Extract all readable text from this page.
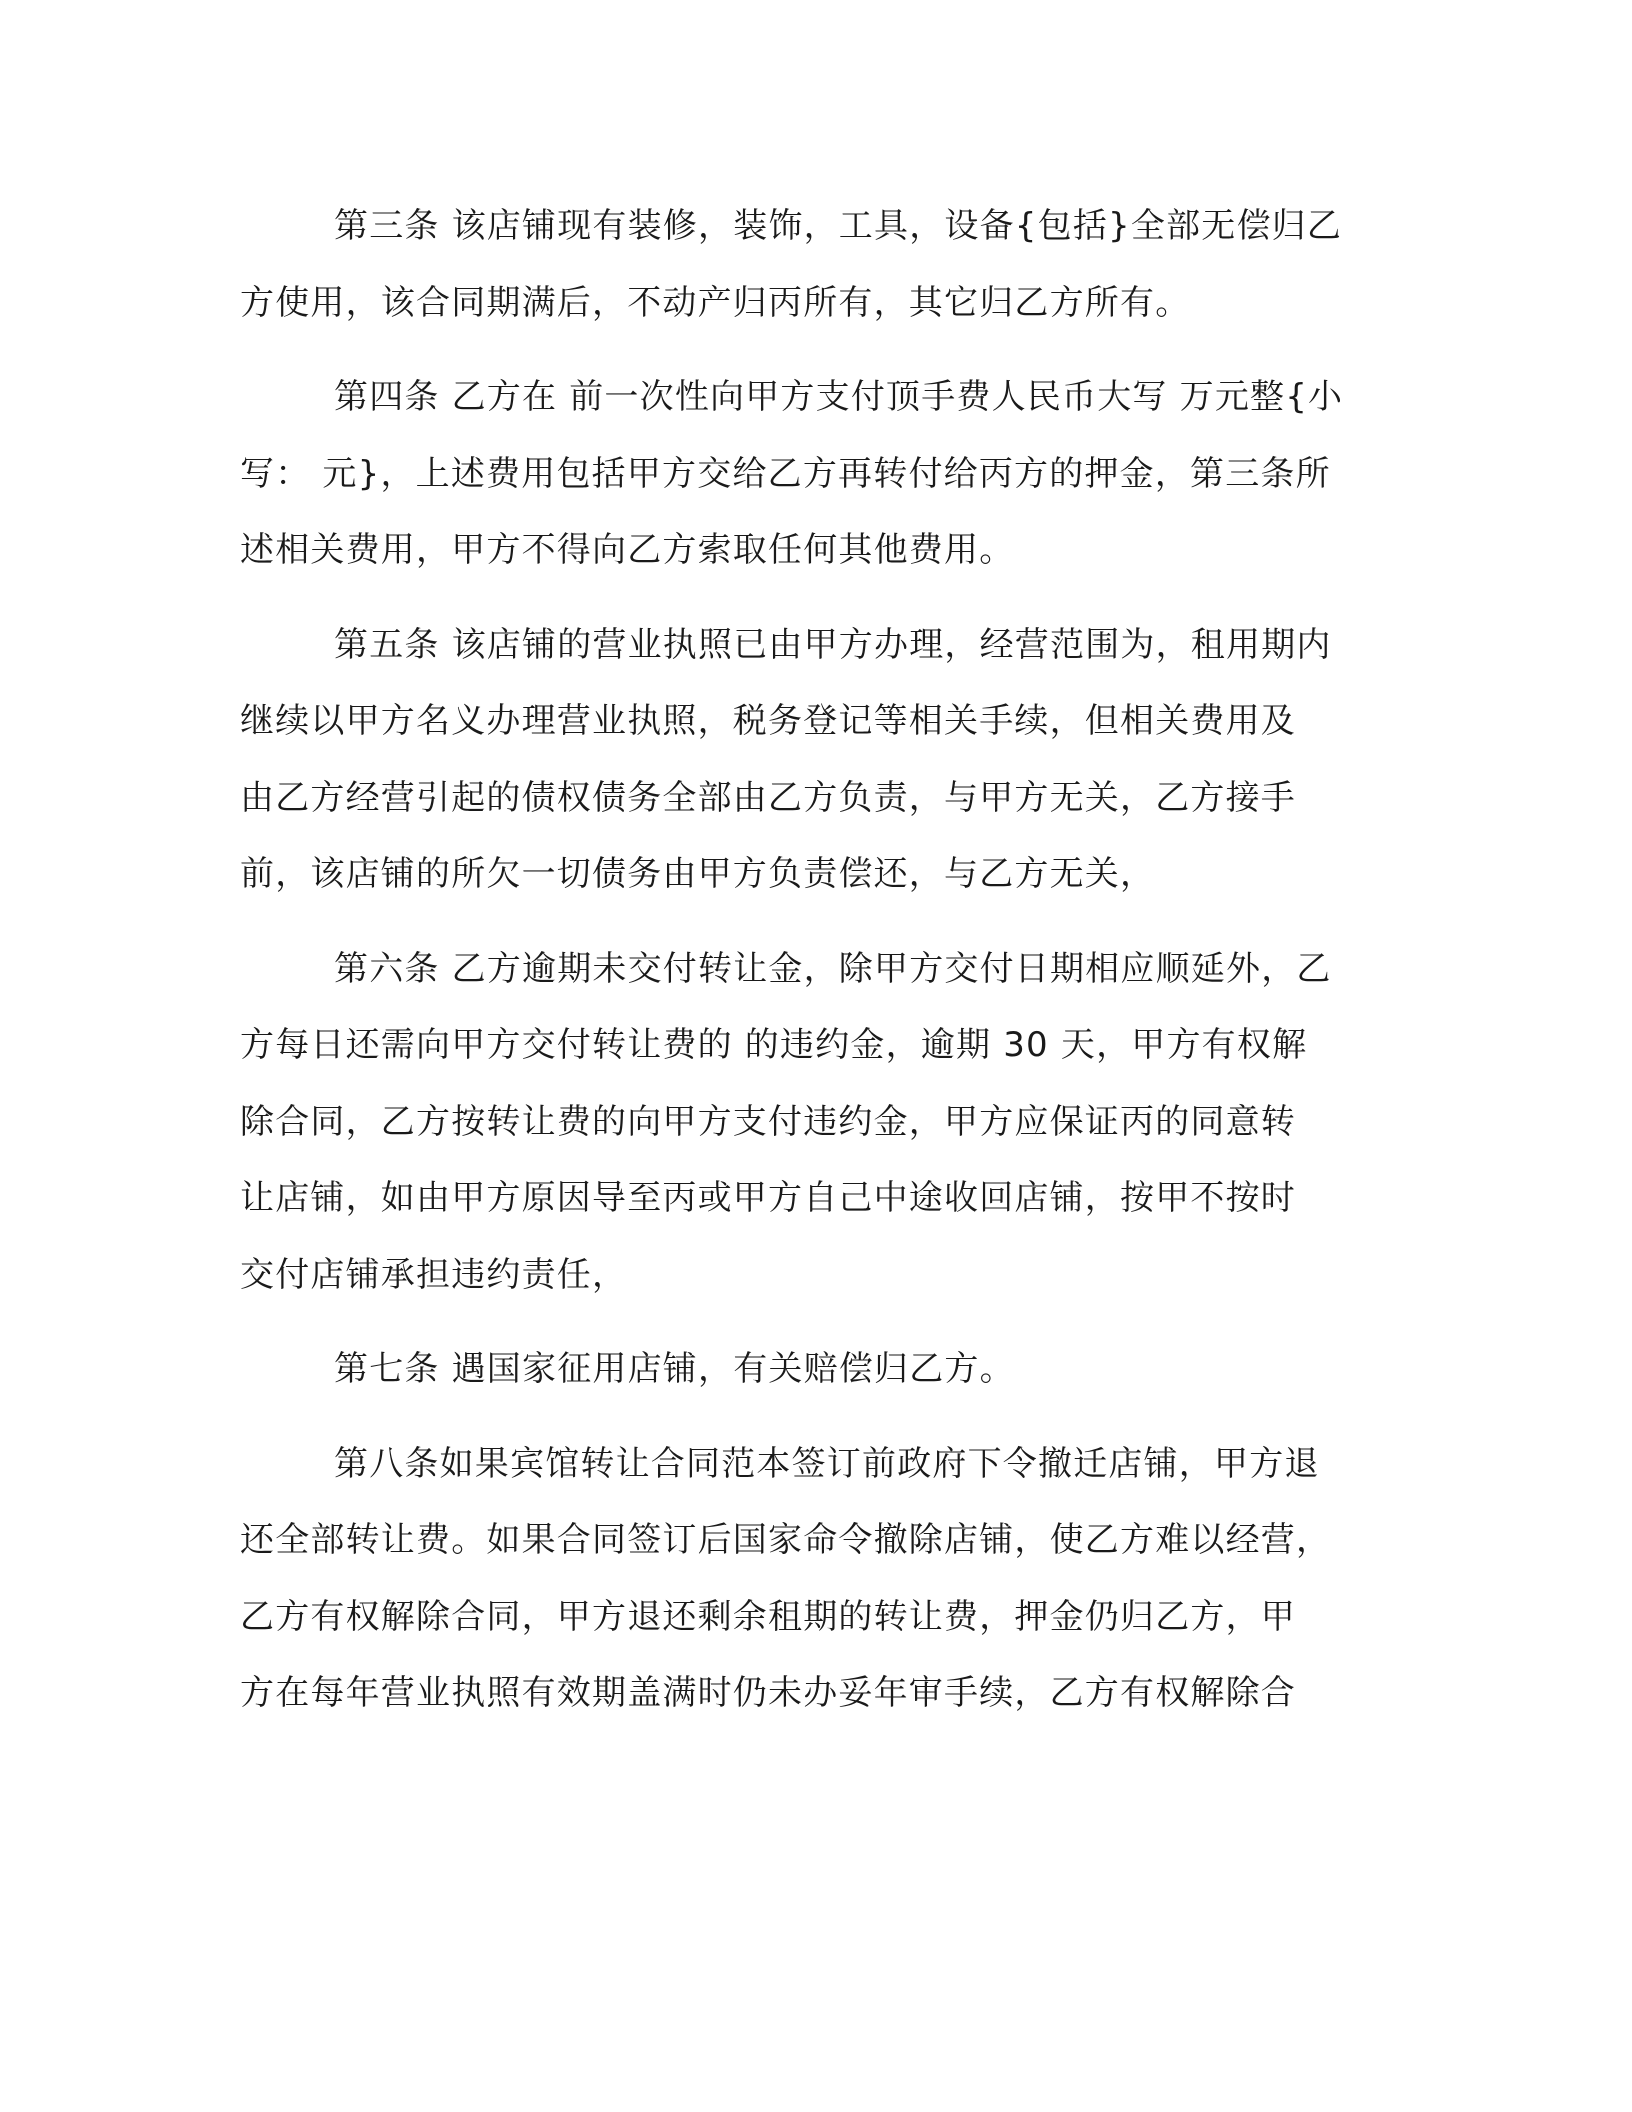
第三条 该店铺现有装修，装饰，工具，设备{包括}全部无偿归乙
方使用，该合同期满后，不动产归丙所有，其它归乙方所有。

第四条 乙方在 前一次性向甲方支付顶手费人民币大写 万元整{小
写： 元}，上述费用包括甲方交给乙方再转付给丙方的押金，第三条所
述相关费用，甲方不得向乙方索取任何其他费用。

第五条 该店铺的营业执照已由甲方办理，经营范围为，租用期内
继续以甲方名义办理营业执照，税务登记等相关手续，但相关费用及
由乙方经营引起的债权债务全部由乙方负责，与甲方无关，乙方接手
前，该店铺的所欠一切债务由甲方负责偿还，与乙方无关，

第六条 乙方逾期未交付转让金，除甲方交付日期相应顺延外，乙
方每日还需向甲方交付转让费的 的违约金，逾期 30 天，甲方有权解
除合同，乙方按转让费的向甲方支付违约金，甲方应保证丙的同意转
让店铺，如由甲方原因导至丙或甲方自己中途收回店铺，按甲不按时
交付店铺承担违约责任，

第七条 遇国家征用店铺，有关赔偿归乙方。

第八条如果宾馆转让合同范本签订前政府下令撤迁店铺，甲方退
还全部转让费。如果合同签订后国家命令撤除店铺，使乙方难以经营，
乙方有权解除合同，甲方退还剩余租期的转让费，押金仍归乙方，甲
方在每年营业执照有效期盖满时仍未办妥年审手续，乙方有权解除合
